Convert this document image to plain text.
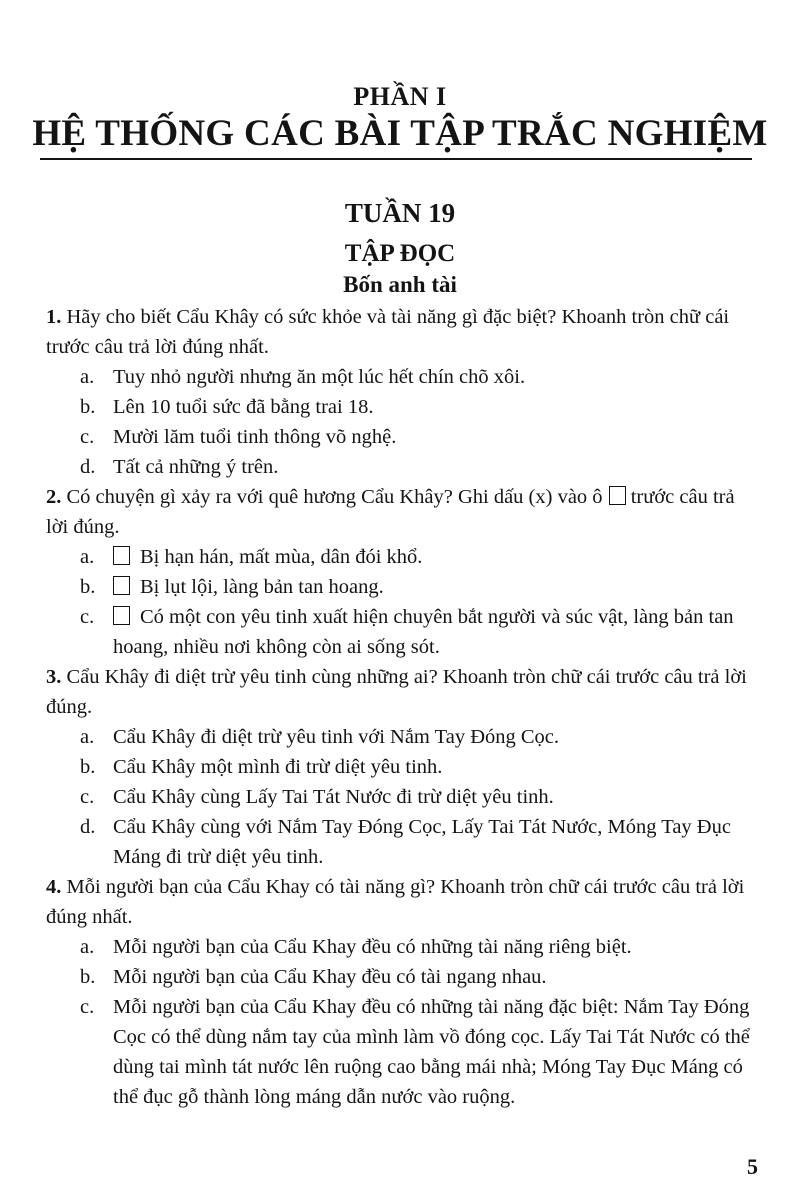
PHẦN I
HỆ THỐNG CÁC BÀI TẬP TRẮC NGHIỆM
TUẦN 19
TẬP ĐỌC
Bốn anh tài
1. Hãy cho biết Cẩu Khây có sức khỏe và tài năng gì đặc biệt? Khoanh tròn chữ cái trước câu trả lời đúng nhất.
a. Tuy nhỏ người nhưng ăn một lúc hết chín chõ xôi.
b. Lên 10 tuổi sức đã bằng trai 18.
c. Mười lăm tuổi tinh thông võ nghệ.
d. Tất cả những ý trên.
2. Có chuyện gì xảy ra với quê hương Cẩu Khây? Ghi dấu (x) vào ô trước câu trả lời đúng.
a. Bị hạn hán, mất mùa, dân đói khổ.
b. Bị lụt lội, làng bản tan hoang.
c. Có một con yêu tinh xuất hiện chuyên bắt người và súc vật, làng bản tan hoang, nhiều nơi không còn ai sống sót.
3. Cẩu Khây đi diệt trừ yêu tinh cùng những ai? Khoanh tròn chữ cái trước câu trả lời đúng.
a. Cẩu Khây đi diệt trừ yêu tinh với Nắm Tay Đóng Cọc.
b. Cẩu Khây một mình đi trừ diệt yêu tinh.
c. Cẩu Khây cùng Lấy Tai Tát Nước đi trừ diệt yêu tinh.
d. Cẩu Khây cùng với Nắm Tay Đóng Cọc, Lấy Tai Tát Nước, Móng Tay Đục Máng đi trừ diệt yêu tinh.
4. Mỗi người bạn của Cẩu Khay có tài năng gì? Khoanh tròn chữ cái trước câu trả lời đúng nhất.
a. Mỗi người bạn của Cẩu Khay đều có những tài năng riêng biệt.
b. Mỗi người bạn của Cẩu Khay đều có tài ngang nhau.
c. Mỗi người bạn của Cẩu Khay đều có những tài năng đặc biệt: Nắm Tay Đóng Cọc có thể dùng nắm tay của mình làm vồ đóng cọc. Lấy Tai Tát Nước có thể dùng tai mình tát nước lên ruộng cao bằng mái nhà; Móng Tay Đục Máng có thể đục gỗ thành lòng máng dẫn nước vào ruộng.
5
